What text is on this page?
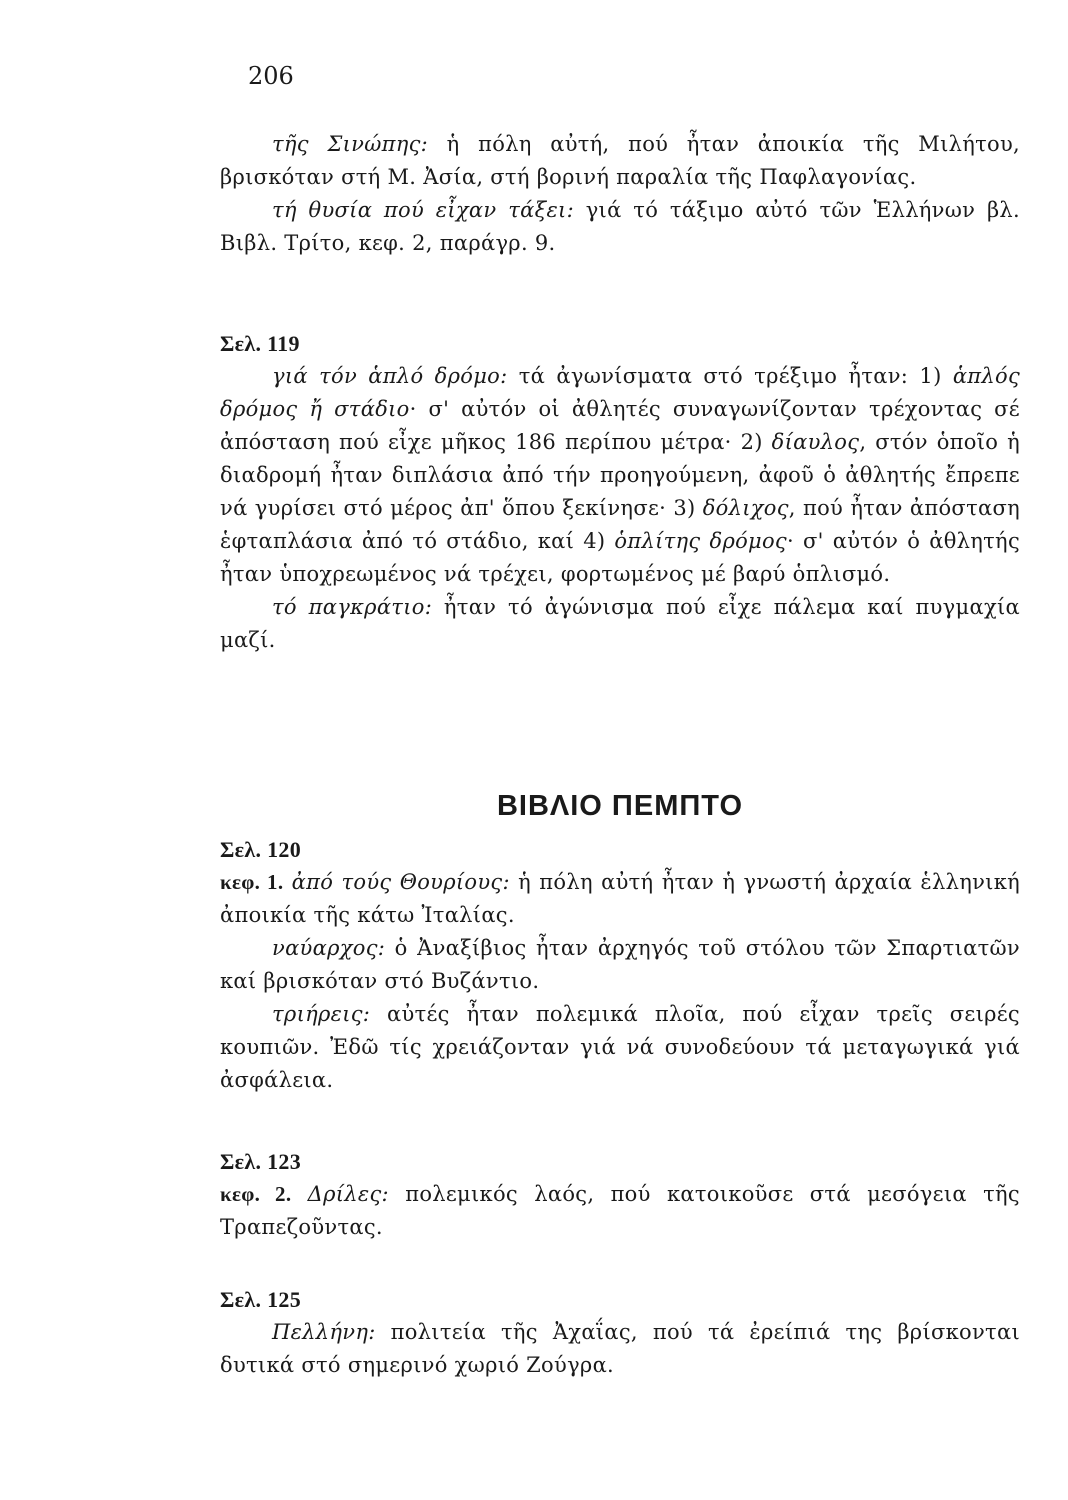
206

τῆς Σινώπης: ἡ πόλη αὐτή, πού ἦταν ἀποικία τῆς Μιλήτου, βρισκόταν στή Μ. Ἀσία, στή βορινή παραλία τῆς Παφλαγονίας.

τή θυσία πού εἶχαν τάξει: γιά τό τάξιμο αὐτό τῶν Ἑλλήνων βλ. Βιβλ. Τρίτο, κεφ. 2, παράγρ. 9.

Σελ. 119

γιά τόν ἁπλό δρόμο: τά ἀγωνίσματα στό τρέξιμο ἦταν: 1) ἁπλός δρόμος ἤ στάδιο· σ' αὐτόν οἱ ἀθλητές συναγωνίζονταν τρέχοντας σέ ἀπόσταση πού εἶχε μῆκος 186 περίπου μέτρα· 2) δίαυλος, στόν ὁποῖο ἡ διαδρομή ἦταν διπλάσια ἀπό τήν προηγούμενη, ἀφοῦ ὁ ἀθλητής ἔπρεπε νά γυρίσει στό μέρος ἀπ' ὅπου ξεκίνησε· 3) δόλιχος, πού ἦταν ἀπόσταση ἑφταπλάσια ἀπό τό στάδιο, καί 4) ὁπλίτης δρόμος· σ' αὐτόν ὁ ἀθλητής ἦταν ὑποχρεωμένος νά τρέχει, φορτωμένος μέ βαρύ ὁπλισμό.

τό παγκράτιο: ἦταν τό ἀγώνισμα πού εἶχε πάλεμα καί πυγμαχία μαζί.

ΒΙΒΛΙΟ ΠΕΜΠΤΟ

Σελ. 120

κεφ. 1. ἀπό τούς Θουρίους: ἡ πόλη αὐτή ἦταν ἡ γνωστή ἀρχαία ἑλληνική ἀποικία τῆς κάτω Ἰταλίας.

ναύαρχος: ὁ Ἀναξίβιος ἦταν ἀρχηγός τοῦ στόλου τῶν Σπαρτιατῶν καί βρισκόταν στό Βυζάντιο.

τριήρεις: αὐτές ἦταν πολεμικά πλοῖα, πού εἶχαν τρεῖς σειρές κουπιῶν. Ἐδῶ τίς χρειάζονταν γιά νά συνοδεύουν τά μεταγωγικά γιά ἀσφάλεια.

Σελ. 123

κεφ. 2. Δρίλες: πολεμικός λαός, πού κατοικοῦσε στά μεσόγεια τῆς Τραπεζοῦντας.

Σελ. 125

Πελλήνη: πολιτεία τῆς Ἀχαΐας, πού τά ἐρείπιά της βρίσκονται δυτικά στό σημερινό χωριό Ζούγρα.
